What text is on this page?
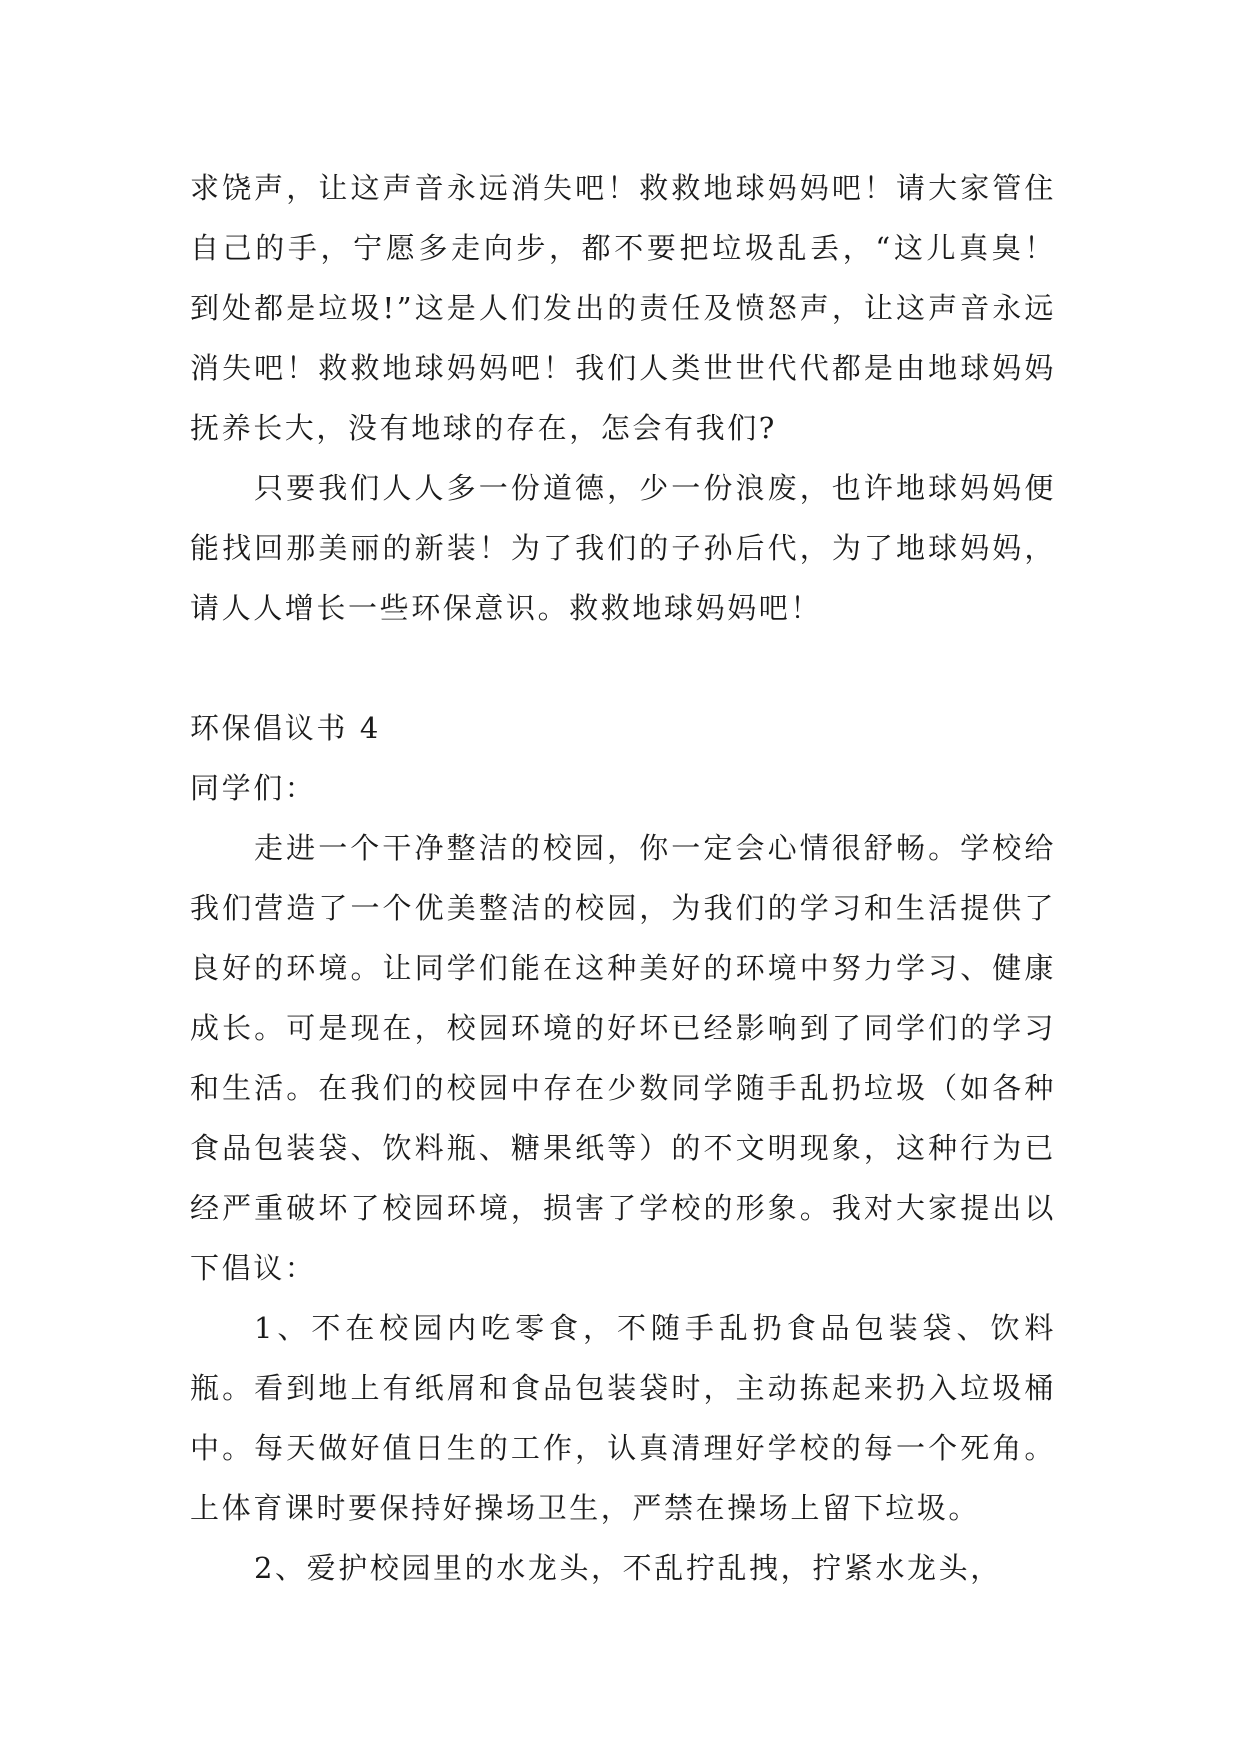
求饶声，让这声音永远消失吧！救救地球妈妈吧！请大家管住自己的手，宁愿多走向步，都不要把垃圾乱丢，“这儿真臭！到处都是垃圾!”这是人们发出的责任及愤怒声，让这声音永远消失吧！救救地球妈妈吧！我们人类世世代代都是由地球妈妈抚养长大，没有地球的存在，怎会有我们?

只要我们人人多一份道德，少一份浪废，也许地球妈妈便能找回那美丽的新装！为了我们的子孙后代，为了地球妈妈，请人人增长一些环保意识。救救地球妈妈吧！

环保倡议书 4

同学们：

走进一个干净整洁的校园，你一定会心情很舒畅。学校给我们营造了一个优美整洁的校园，为我们的学习和生活提供了良好的环境。让同学们能在这种美好的环境中努力学习、健康成长。可是现在，校园环境的好坏已经影响到了同学们的学习和生活。在我们的校园中存在少数同学随手乱扔垃圾（如各种食品包装袋、饮料瓶、糖果纸等）的不文明现象，这种行为已经严重破坏了校园环境，损害了学校的形象。我对大家提出以下倡议：

1、不在校园内吃零食，不随手乱扔食品包装袋、饮料瓶。看到地上有纸屑和食品包装袋时，主动拣起来扔入垃圾桶中。每天做好值日生的工作，认真清理好学校的每一个死角。上体育课时要保持好操场卫生，严禁在操场上留下垃圾。

2、爱护校园里的水龙头，不乱拧乱拽，拧紧水龙头，
